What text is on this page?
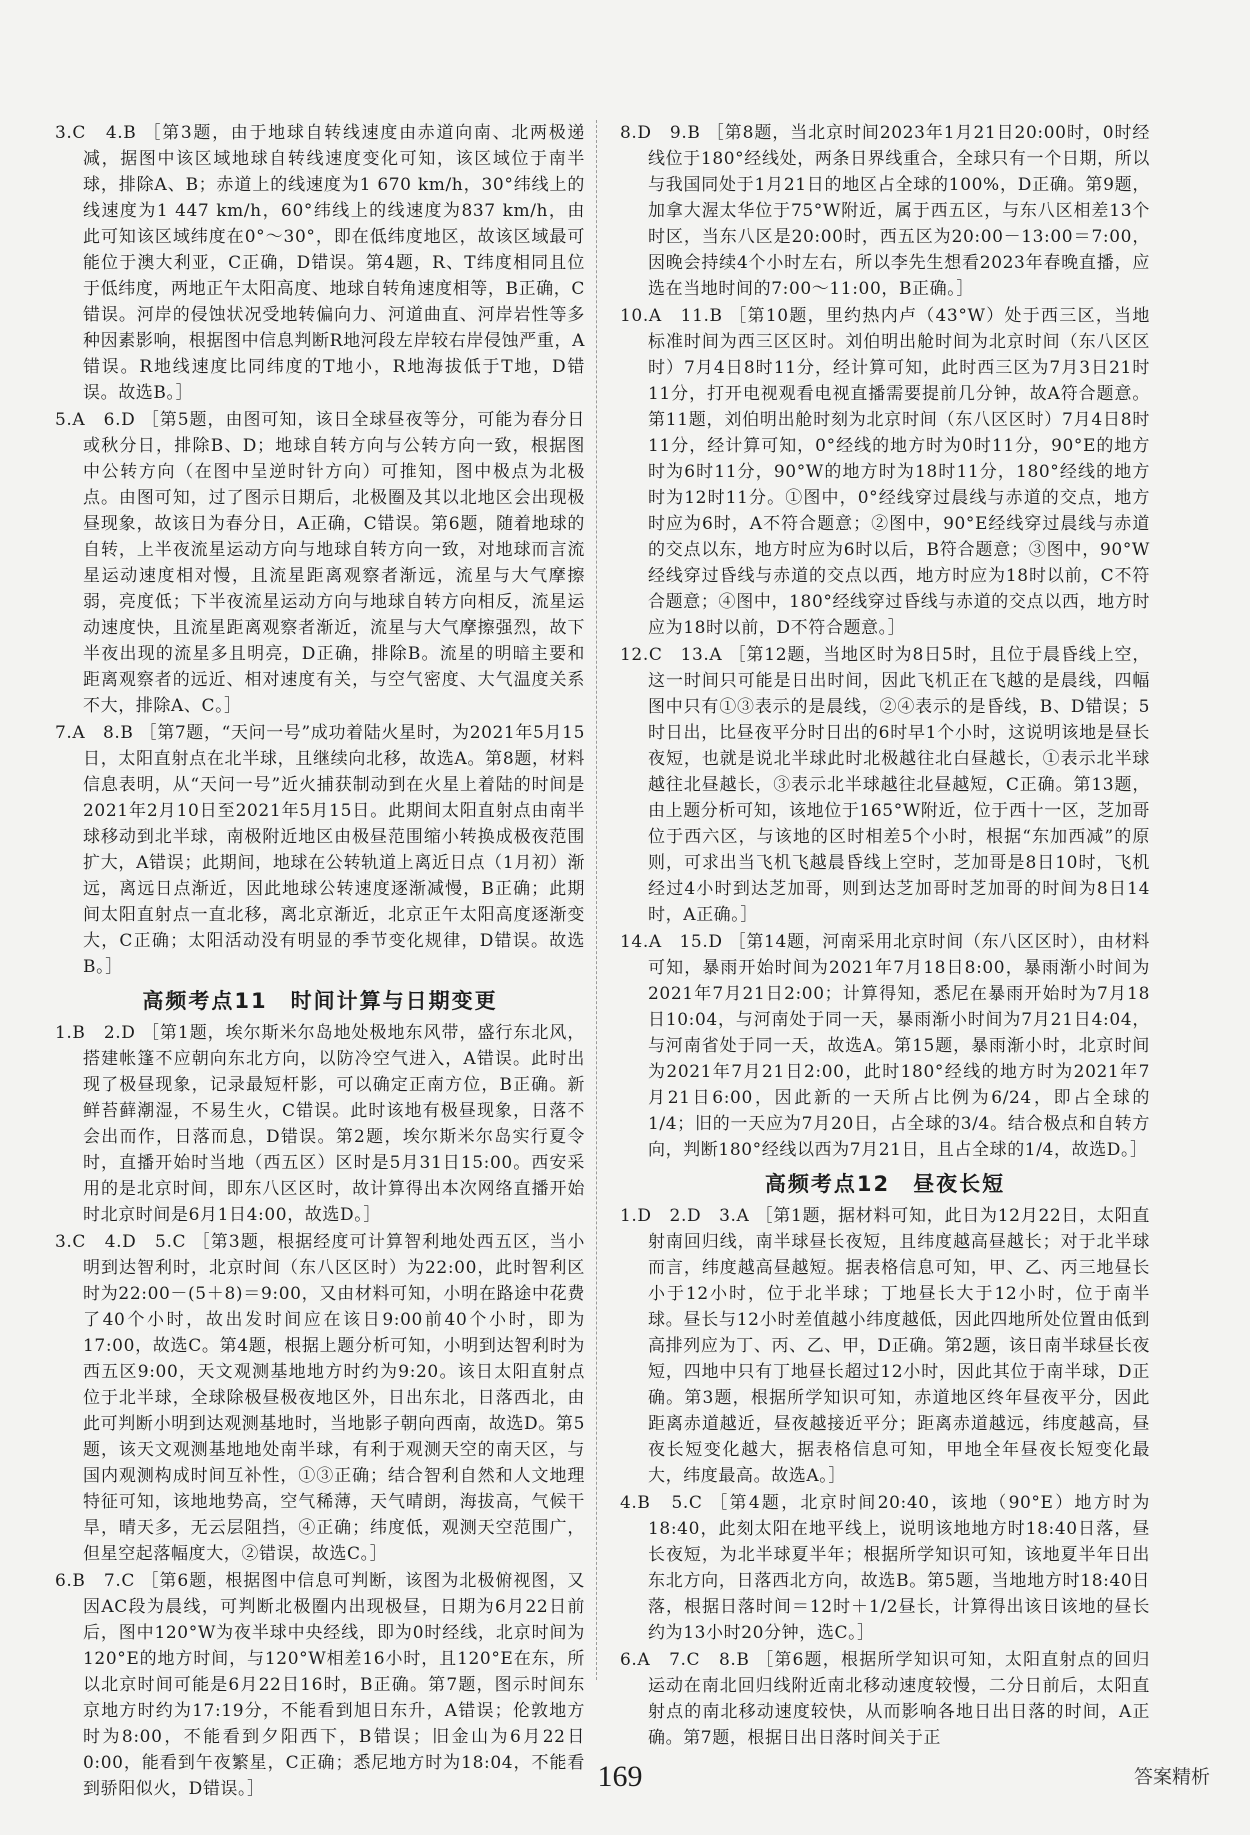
3.C　4.B ［第3题，由于地球自转线速度由赤道向南、北两极递减，据图中该区域地球自转线速度变化可知，该区域位于南半球，排除A、B；赤道上的线速度为1 670 km/h，30°纬线上的线速度为1 447 km/h，60°纬线上的线速度为837 km/h，由此可知该区域纬度在0°～30°，即在低纬度地区，故该区域最可能位于澳大利亚，C正确，D错误。第4题，R、T纬度相同且位于低纬度，两地正午太阳高度、地球自转角速度相等，B正确，C错误。河岸的侵蚀状况受地转偏向力、河道曲直、河岸岩性等多种因素影响，根据图中信息判断R地河段左岸较右岸侵蚀严重，A错误。R地线速度比同纬度的T地小，R地海拔低于T地，D错误。故选B。］
5.A　6.D ［第5题，由图可知，该日全球昼夜等分，可能为春分日或秋分日，排除B、D；地球自转方向与公转方向一致，根据图中公转方向（在图中呈逆时针方向）可推知，图中极点为北极点。由图可知，过了图示日期后，北极圈及其以北地区会出现极昼现象，故该日为春分日，A正确，C错误。第6题，随着地球的自转，上半夜流星运动方向与地球自转方向一致，对地球而言流星运动速度相对慢，且流星距离观察者渐远，流星与大气摩擦弱，亮度低；下半夜流星运动方向与地球自转方向相反，流星运动速度快，且流星距离观察者渐近，流星与大气摩擦强烈，故下半夜出现的流星多且明亮，D正确，排除B。流星的明暗主要和距离观察者的远近、相对速度有关，与空气密度、大气温度关系不大，排除A、C。］
7.A　8.B ［第7题，“天问一号”成功着陆火星时，为2021年5月15日，太阳直射点在北半球，且继续向北移，故选A。第8题，材料信息表明，从“天问一号”近火捕获制动到在火星上着陆的时间是2021年2月10日至2021年5月15日。此期间太阳直射点由南半球移动到北半球，南极附近地区由极昼范围缩小转换成极夜范围扩大，A错误；此期间，地球在公转轨道上离近日点（1月初）渐远，离远日点渐近，因此地球公转速度逐渐减慢，B正确；此期间太阳直射点一直北移，离北京渐近，北京正午太阳高度逐渐变大，C正确；太阳活动没有明显的季节变化规律，D错误。故选B。］
高频考点11　时间计算与日期变更
1.B　2.D ［第1题，埃尔斯米尔岛地处极地东风带，盛行东北风，搭建帐篷不应朝向东北方向，以防冷空气进入，A错误。此时出现了极昼现象，记录最短杆影，可以确定正南方位，B正确。新鲜苔藓潮湿，不易生火，C错误。此时该地有极昼现象，日落不会出而作，日落而息，D错误。第2题，埃尔斯米尔岛实行夏令时，直播开始时当地（西五区）区时是5月31日15:00。西安采用的是北京时间，即东八区区时，故计算得出本次网络直播开始时北京时间是6月1日4:00，故选D。］
3.C　4.D　5.C ［第3题，根据经度可计算智利地处西五区，当小明到达智利时，北京时间（东八区区时）为22:00，此时智利区时为22:00－(5＋8)＝9:00，又由材料可知，小明在路途中花费了40个小时，故出发时间应在该日9:00前40个小时，即为17:00，故选C。第4题，根据上题分析可知，小明到达智利时为西五区9:00，天文观测基地地方时约为9:20。该日太阳直射点位于北半球，全球除极昼极夜地区外，日出东北，日落西北，由此可判断小明到达观测基地时，当地影子朝向西南，故选D。第5题，该天文观测基地地处南半球，有利于观测天空的南天区，与国内观测构成时间互补性，①③正确；结合智利自然和人文地理特征可知，该地地势高，空气稀薄，天气晴朗，海拔高，气候干旱，晴天多，无云层阻挡，④正确；纬度低，观测天空范围广，但星空起落幅度大，②错误，故选C。］
6.B　7.C ［第6题，根据图中信息可判断，该图为北极俯视图，又因AC段为晨线，可判断北极圈内出现极昼，日期为6月22日前后，图中120°W为夜半球中央经线，即为0时经线，北京时间为120°E的地方时间，与120°W相差16小时，且120°E在东，所以北京时间可能是6月22日16时，B正确。第7题，图示时间东京地方时约为17:19分，不能看到旭日东升，A错误；伦敦地方时为8:00，不能看到夕阳西下，B错误；旧金山为6月22日0:00，能看到午夜繁星，C正确；悉尼地方时为18:04，不能看到骄阳似火，D错误。］
8.D　9.B ［第8题，当北京时间2023年1月21日20:00时，0时经线位于180°经线处，两条日界线重合，全球只有一个日期，所以与我国同处于1月21日的地区占全球的100%，D正确。第9题，加拿大渥太华位于75°W附近，属于西五区，与东八区相差13个时区，当东八区是20:00时，西五区为20:00－13:00＝7:00，因晚会持续4个小时左右，所以李先生想看2023年春晚直播，应选在当地时间的7:00～11:00，B正确。］
10.A　11.B ［第10题，里约热内卢（43°W）处于西三区，当地标准时间为西三区区时。刘伯明出舱时间为北京时间（东八区区时）7月4日8时11分，经计算可知，此时西三区为7月3日21时11分，打开电视观看电视直播需要提前几分钟，故A符合题意。第11题，刘伯明出舱时刻为北京时间（东八区区时）7月4日8时11分，经计算可知，0°经线的地方时为0时11分，90°E的地方时为6时11分，90°W的地方时为18时11分，180°经线的地方时为12时11分。①图中，0°经线穿过晨线与赤道的交点，地方时应为6时，A不符合题意；②图中，90°E经线穿过晨线与赤道的交点以东，地方时应为6时以后，B符合题意；③图中，90°W经线穿过昏线与赤道的交点以西，地方时应为18时以前，C不符合题意；④图中，180°经线穿过昏线与赤道的交点以西，地方时应为18时以前，D不符合题意。］
12.C　13.A ［第12题，当地区时为8日5时，且位于晨昏线上空，这一时间只可能是日出时间，因此飞机正在飞越的是晨线，四幅图中只有①③表示的是晨线，②④表示的是昏线，B、D错误；5时日出，比昼夜平分时日出的6时早1个小时，这说明该地是昼长夜短，也就是说北半球此时北极越往北白昼越长，①表示北半球越往北昼越长，③表示北半球越往北昼越短，C正确。第13题，由上题分析可知，该地位于165°W附近，位于西十一区，芝加哥位于西六区，与该地的区时相差5个小时，根据“东加西减”的原则，可求出当飞机飞越晨昏线上空时，芝加哥是8日10时，飞机经过4小时到达芝加哥，则到达芝加哥时芝加哥的时间为8日14时，A正确。］
14.A　15.D ［第14题，河南采用北京时间（东八区区时），由材料可知，暴雨开始时间为2021年7月18日8:00，暴雨渐小时间为2021年7月21日2:00；计算得知，悉尼在暴雨开始时为7月18日10:04，与河南处于同一天，暴雨渐小时间为7月21日4:04，与河南省处于同一天，故选A。第15题，暴雨渐小时，北京时间为2021年7月21日2:00，此时180°经线的地方时为2021年7月21日6:00，因此新的一天所占比例为6/24，即占全球的1/4；旧的一天应为7月20日，占全球的3/4。结合极点和自转方向，判断180°经线以西为7月21日，且占全球的1/4，故选D。］
高频考点12　昼夜长短
1.D　2.D　3.A ［第1题，据材料可知，此日为12月22日，太阳直射南回归线，南半球昼长夜短，且纬度越高昼越长；对于北半球而言，纬度越高昼越短。据表格信息可知，甲、乙、丙三地昼长小于12小时，位于北半球；丁地昼长大于12小时，位于南半球。昼长与12小时差值越小纬度越低，因此四地所处位置由低到高排列应为丁、丙、乙、甲，D正确。第2题，该日南半球昼长夜短，四地中只有丁地昼长超过12小时，因此其位于南半球，D正确。第3题，根据所学知识可知，赤道地区终年昼夜平分，因此距离赤道越近，昼夜越接近平分；距离赤道越远，纬度越高，昼夜长短变化越大，据表格信息可知，甲地全年昼夜长短变化最大，纬度最高。故选A。］
4.B　5.C ［第4题，北京时间20:40，该地（90°E）地方时为18:40，此刻太阳在地平线上，说明该地地方时18:40日落，昼长夜短，为北半球夏半年；根据所学知识可知，该地夏半年日出东北方向，日落西北方向，故选B。第5题，当地地方时18:40日落，根据日落时间＝12时＋1/2昼长，计算得出该日该地的昼长约为13小时20分钟，选C。］
6.A　7.C　8.B ［第6题，根据所学知识可知，太阳直射点的回归运动在南北回归线附近南北移动速度较慢，二分日前后，太阳直射点的南北移动速度较快，从而影响各地日出日落的时间，A正确。第7题，根据日出日落时间关于正
169	答案精析
